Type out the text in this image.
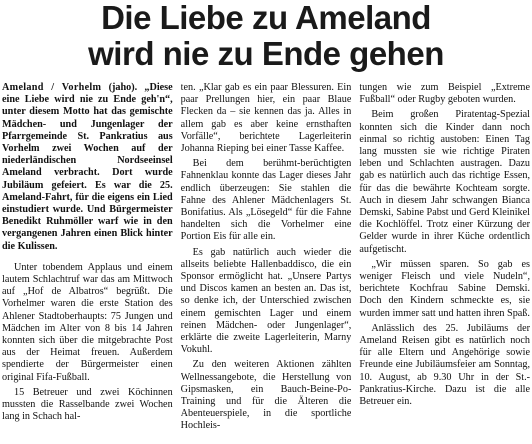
Die Liebe zu Ameland
wird nie zu Ende gehen

Ameland / Vorhelm (jaho). „Diese eine Liebe wird nie zu Ende geh'n“, unter diesem Motto hat das gemischte Mädchen- und Jungenlager der Pfarrgemeinde St. Pankratius aus Vorhelm zwei Wochen auf der niederländischen Nordseeinsel Ameland verbracht. Dort wurde Jubiläum gefeiert. Es war die 25. Ameland-Fahrt, für die eigens ein Lied einstudiert wurde. Und Bürgermeister Benedikt Ruhmöller warf wie in den vergangenen Jahren einen Blick hinter die Kulissen.

Unter tobendem Applaus und einem lautem Schlachtruf war das am Mittwoch auf „Hof de Albatros“ begrüßt. Die Vorhelmer waren die erste Station des Ahlener Stadtoberhaupts: 75 Jungen und Mädchen im Alter von 8 bis 14 Jahren konnten sich über die mitgebrachte Post aus der Heimat freuen. Außerdem spendierte der Bürgermeister einen original Fifa-Fußball.

15 Betreuer und zwei Köchinnen mussten die Rasselbande zwei Wochen lang in Schach hal-

ten. „Klar gab es ein paar Blessuren. Ein paar Prellungen hier, ein paar Blaue Flecken da – sie kennen das ja. Alles in allem gab es aber keine ernsthaften Vorfälle“, berichtete Lagerleiterin Johanna Rieping bei einer Tasse Kaffee.

Bei dem berühmt-berüchtigten Fahnenklau konnte das Lager dieses Jahr endlich überzeugen: Sie stahlen die Fahne des Ahlener Mädchenlagers St. Bonifatius. Als „Lösegeld“ für die Fahne handelten sich die Vorhelmer eine Portion Eis für alle ein.

Es gab natürlich auch wieder die allseits beliebte Hallenbaddisco, die ein Sponsor ermöglicht hat. „Unsere Partys und Discos kamen an besten an. Das ist, so denke ich, der Unterschied zwischen einem gemischten Lager und einem reinen Mädchen- oder Jungenlager“, erklärte die zweite Lagerleiterin, Marny Vokuhl.

Zu den weiteren Aktionen zählten Wellnessangebote, die Herstellung von Gipsmasken, ein Bauch-Beine-Po-Training und für die Älteren die Abenteuerspiele, in die sportliche Hochleis-

tungen wie zum Beispiel „Extreme Fußball“ oder Rugby geboten wurden.

Beim großen Piratentag-Spezial konnten sich die Kinder dann noch einmal so richtig austoben: Einen Tag lang mussten sie wie richtige Piraten leben und Schlachten austragen. Dazu gab es natürlich auch das richtige Essen, für das die bewährte Kochteam sorgte. Auch in diesem Jahr schwangen Bianca Demski, Sabine Pabst und Gerd Kleinikel die Kochlöffel. Trotz einer Kürzung der Gelder wurde in ihrer Küche ordentlich aufgetischt.

„Wir müssen sparen. So gab es weniger Fleisch und viele Nudeln“, berichtete Kochfrau Sabine Demski. Doch den Kindern schmeckte es, sie wurden immer satt und hatten ihren Spaß.

Anlässlich des 25. Jubiläums der Ameland Reisen gibt es natürlich noch für alle Eltern und Angehörige sowie Freunde eine Jubiläumsfeier am Sonntag, 10. August, ab 9.30 Uhr in der St.-Pankratius-Kirche. Dazu ist die alle Betreuer ein.
